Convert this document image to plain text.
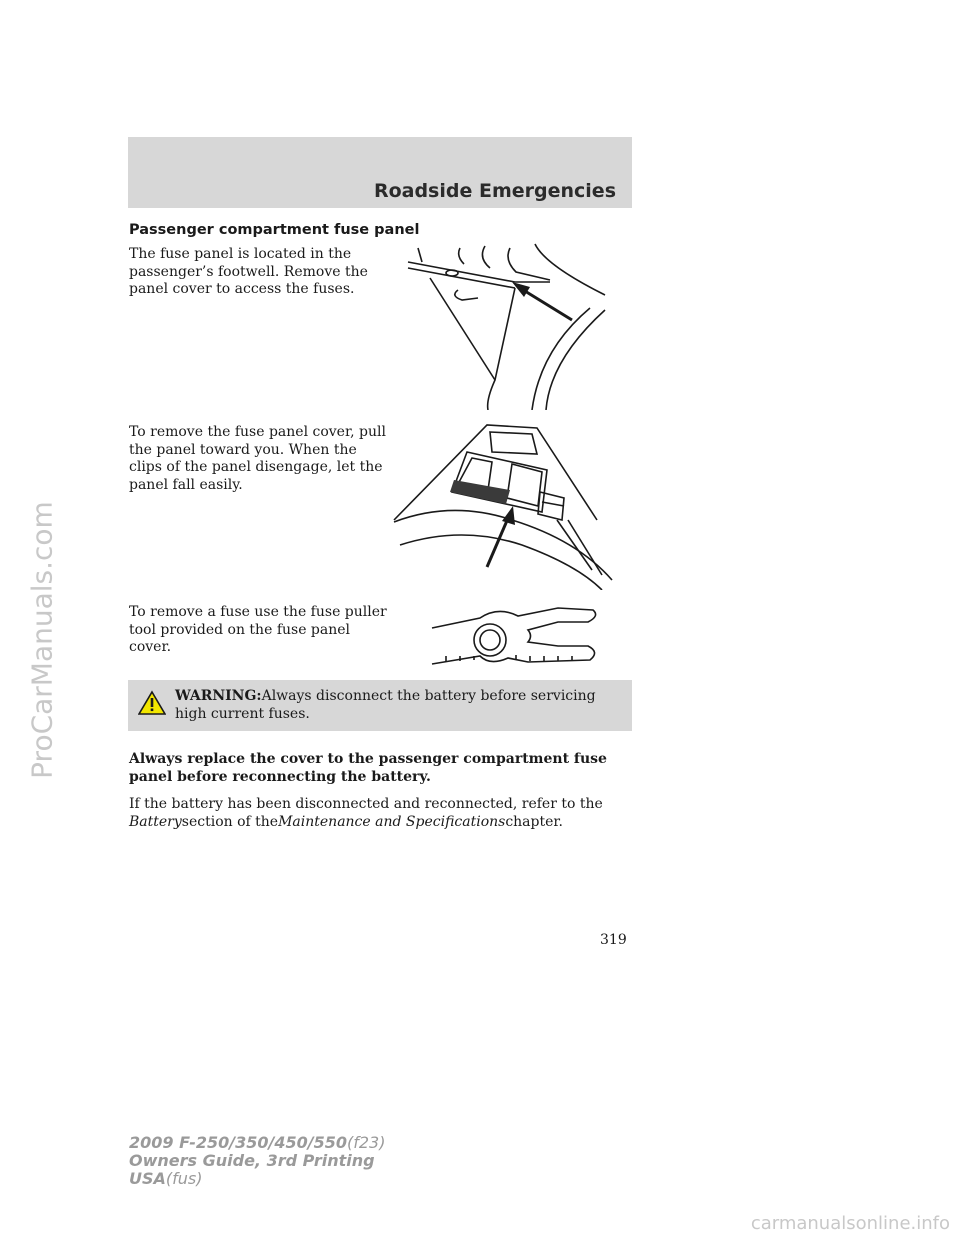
ProCarManuals.com
Roadside Emergencies
Passenger compartment fuse panel
The fuse panel is located in the passenger’s footwell. Remove the panel cover to access the fuses.
To remove the fuse panel cover, pull the panel toward you. When the clips of the panel disengage, let the panel fall easily.
To remove a fuse use the fuse puller tool provided on the fuse panel cover.
WARNING:Always disconnect the battery before servicing high current fuses.
Always replace the cover to the passenger compartment fuse panel before reconnecting the battery.
If the battery has been disconnected and reconnected, refer to the Batterysection of theMaintenance and Specificationschapter.
319
2009 F-250/350/450/550(f23)
Owners Guide, 3rd Printing
USA(fus)
carmanualsonline.info
